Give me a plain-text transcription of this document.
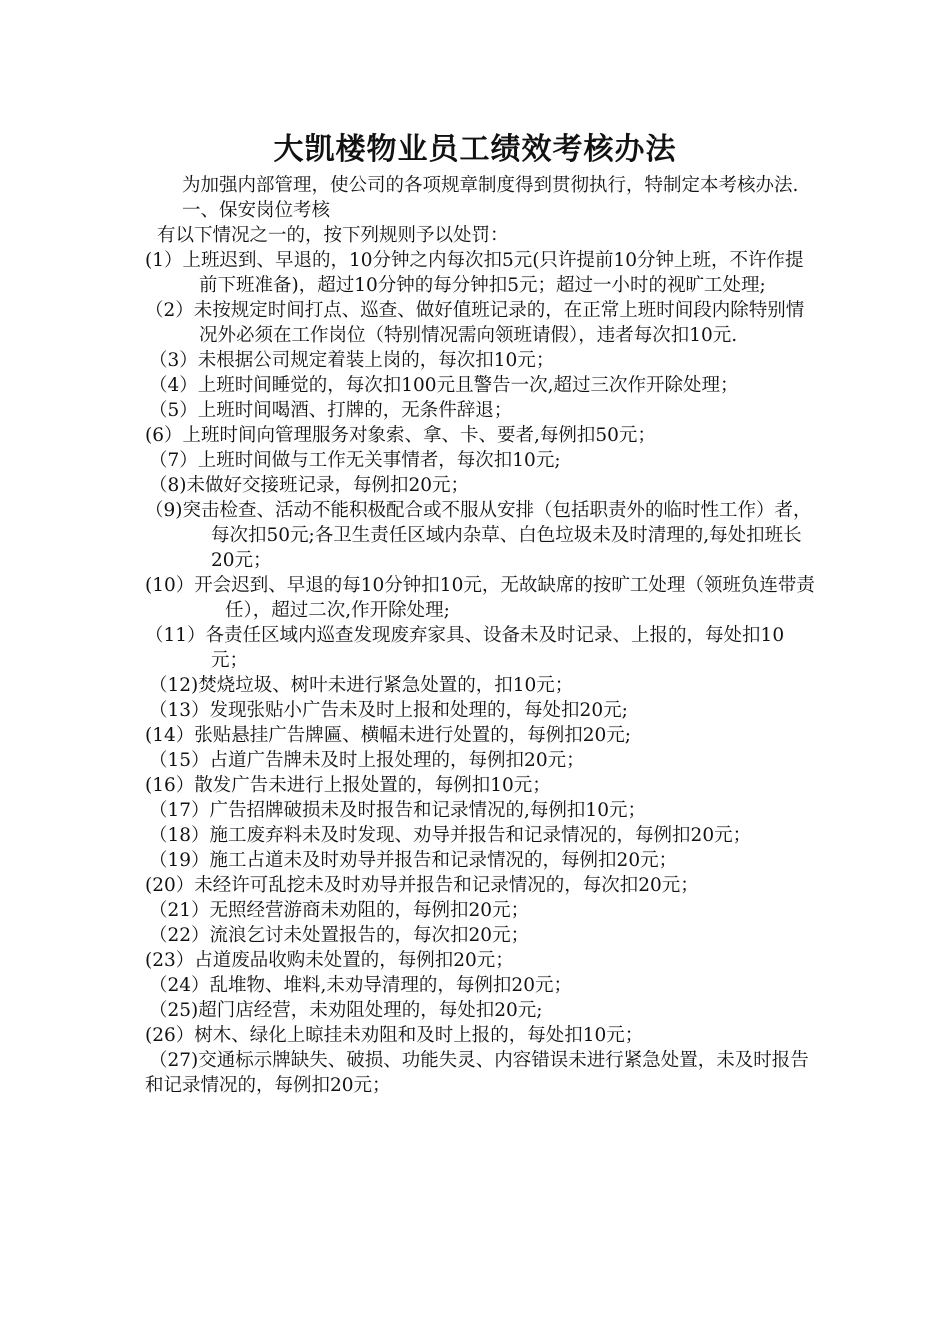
大凯楼物业员工绩效考核办法

为加强内部管理，使公司的各项规章制度得到贯彻执行，特制定本考核办法.

一、保安岗位考核

有以下情况之一的，按下列规则予以处罚：

(1）上班迟到、早退的，10分钟之内每次扣5元(只许提前10分钟上班，不许作提前下班准备)，超过10分钟的每分钟扣5元；超过一小时的视旷工处理;

（2）未按规定时间打点、巡查、做好值班记录的，在正常上班时间段内除特别情况外必须在工作岗位（特别情况需向领班请假），违者每次扣10元.

（3）未根据公司规定着装上岗的，每次扣10元；

（4）上班时间睡觉的，每次扣100元且警告一次,超过三次作开除处理；

（5）上班时间喝酒、打牌的，无条件辞退；

(6）上班时间向管理服务对象索、拿、卡、要者,每例扣50元；

（7）上班时间做与工作无关事情者，每次扣10元;

（8)未做好交接班记录，每例扣20元；

（9)突击检查、活动不能积极配合或不服从安排（包括职责外的临时性工作）者，每次扣50元;各卫生责任区域内杂草、白色垃圾未及时清理的,每处扣班长20元；

(10）开会迟到、早退的每10分钟扣10元，无故缺席的按旷工处理（领班负连带责任），超过二次,作开除处理;

（11）各责任区域内巡查发现废弃家具、设备未及时记录、上报的，每处扣10元；

（12)焚烧垃圾、树叶未进行紧急处置的，扣10元；

（13）发现张贴小广告未及时上报和处理的，每处扣20元;

(14）张贴悬挂广告牌匾、横幅未进行处置的，每例扣20元;

（15）占道广告牌未及时上报处理的，每例扣20元；

(16）散发广告未进行上报处置的，每例扣10元；

（17）广告招牌破损未及时报告和记录情况的,每例扣10元；

（18）施工废弃料未及时发现、劝导并报告和记录情况的，每例扣20元；

（19）施工占道未及时劝导并报告和记录情况的，每例扣20元；

(20）未经许可乱挖未及时劝导并报告和记录情况的，每次扣20元；

（21）无照经营游商未劝阻的，每例扣20元；

（22）流浪乞讨未处置报告的，每次扣20元；

(23）占道废品收购未处置的，每例扣20元；

（24）乱堆物、堆料,未劝导清理的，每例扣20元；

（25)超门店经营，未劝阻处理的，每处扣20元;

(26）树木、绿化上晾挂未劝阻和及时上报的，每处扣10元；

（27)交通标示牌缺失、破损、功能失灵、内容错误未进行紧急处置，未及时报告和记录情况的，每例扣20元；
